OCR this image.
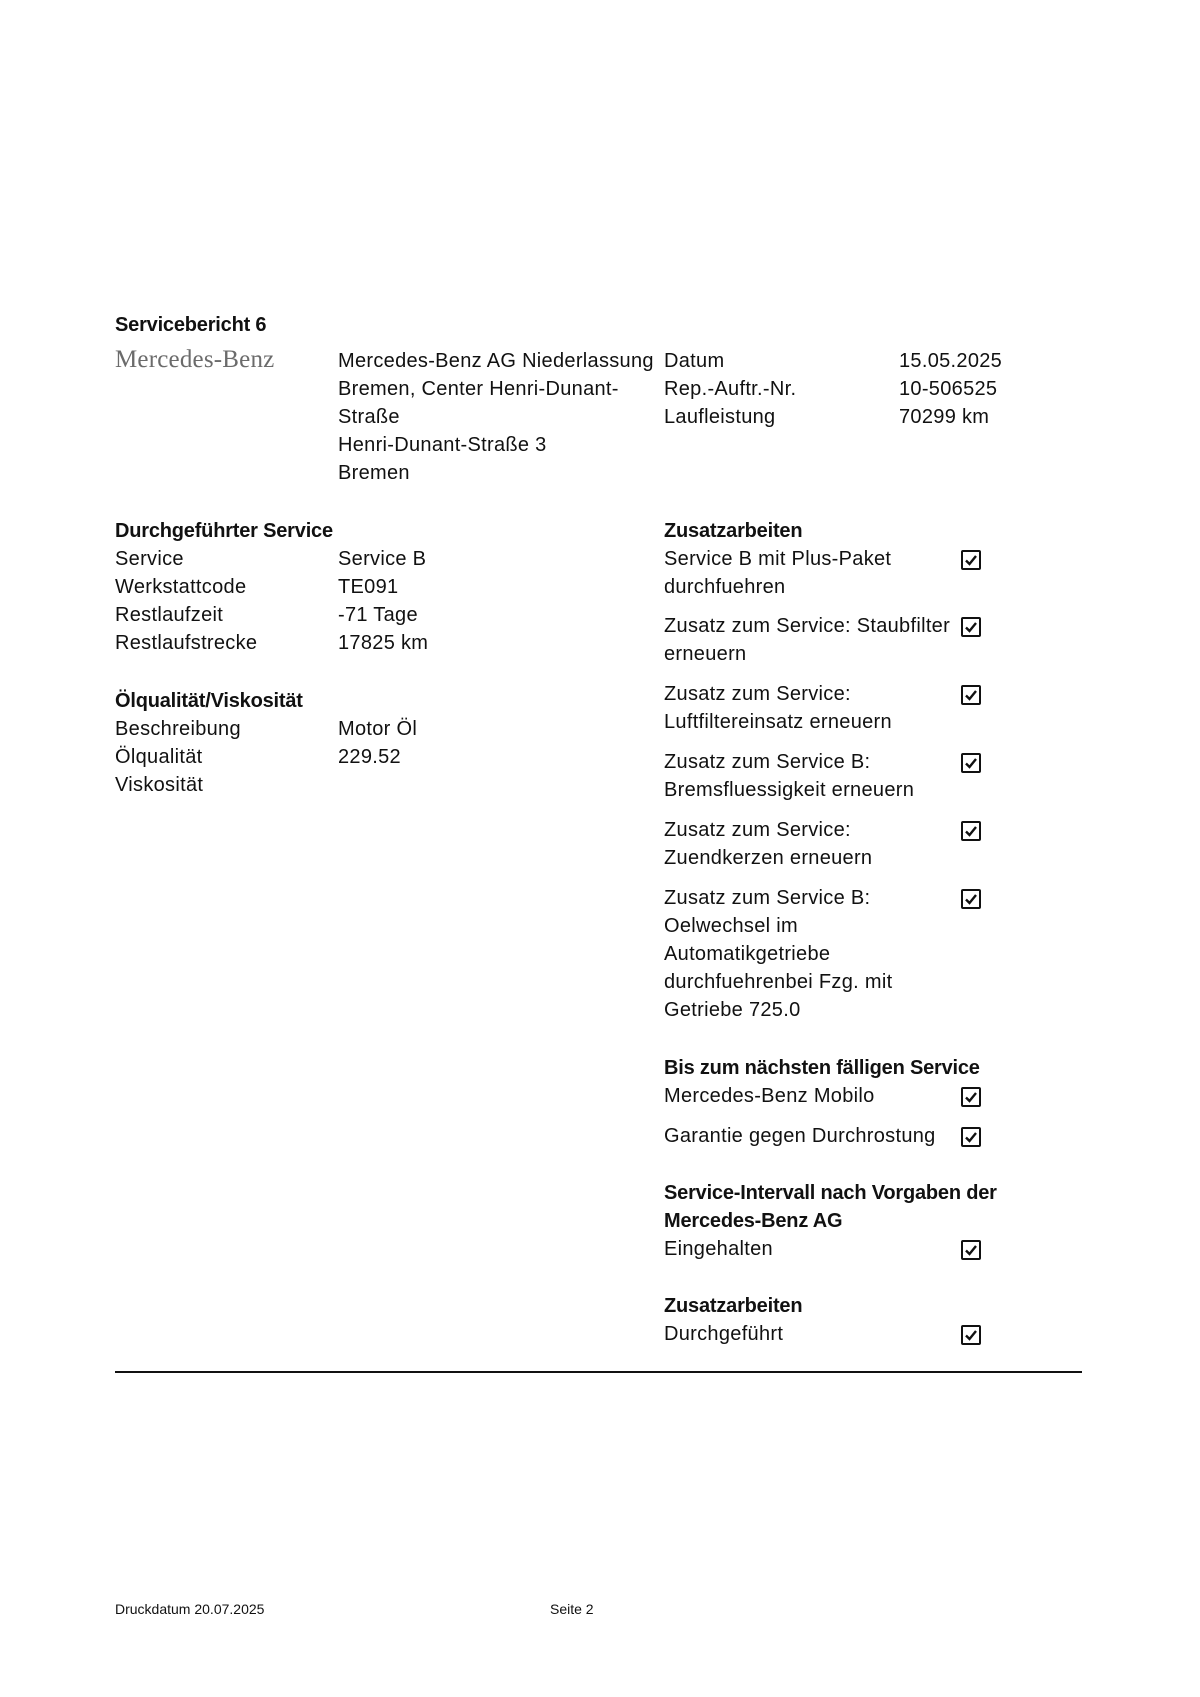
Servicebericht 6
Mercedes-Benz	Mercedes-Benz AG Niederlassung
Bremen, Center Henri-Dunant-
Straße
Henri-Dunant-Straße 3
Bremen
Datum	15.05.2025
Rep.-Auftr.-Nr.	10-506525
Laufleistung	70299 km
Durchgeführter Service
Service	Service B
Werkstattcode	TE091
Restlaufzeit	-71 Tage
Restlaufstrecke	17825 km
Ölqualität/Viskosität
Beschreibung	Motor Öl
Ölqualität	229.52
Viskosität
Zusatzarbeiten
Service B mit Plus-Paket durchfuehren
Zusatz zum Service: Staubfilter erneuern
Zusatz zum Service: Luftfiltereinsatz erneuern
Zusatz zum Service B: Bremsfluessigkeit erneuern
Zusatz zum Service: Zuendkerzen erneuern
Zusatz zum Service B: Oelwechsel im Automatikgetriebe durchfuehrenbei Fzg. mit Getriebe 725.0
Bis zum nächsten fälligen Service
Mercedes-Benz Mobilo
Garantie gegen Durchrostung
Service-Intervall nach Vorgaben der
Mercedes-Benz AG
Eingehalten
Zusatzarbeiten
Durchgeführt
Druckdatum 20.07.2025	Seite 2
